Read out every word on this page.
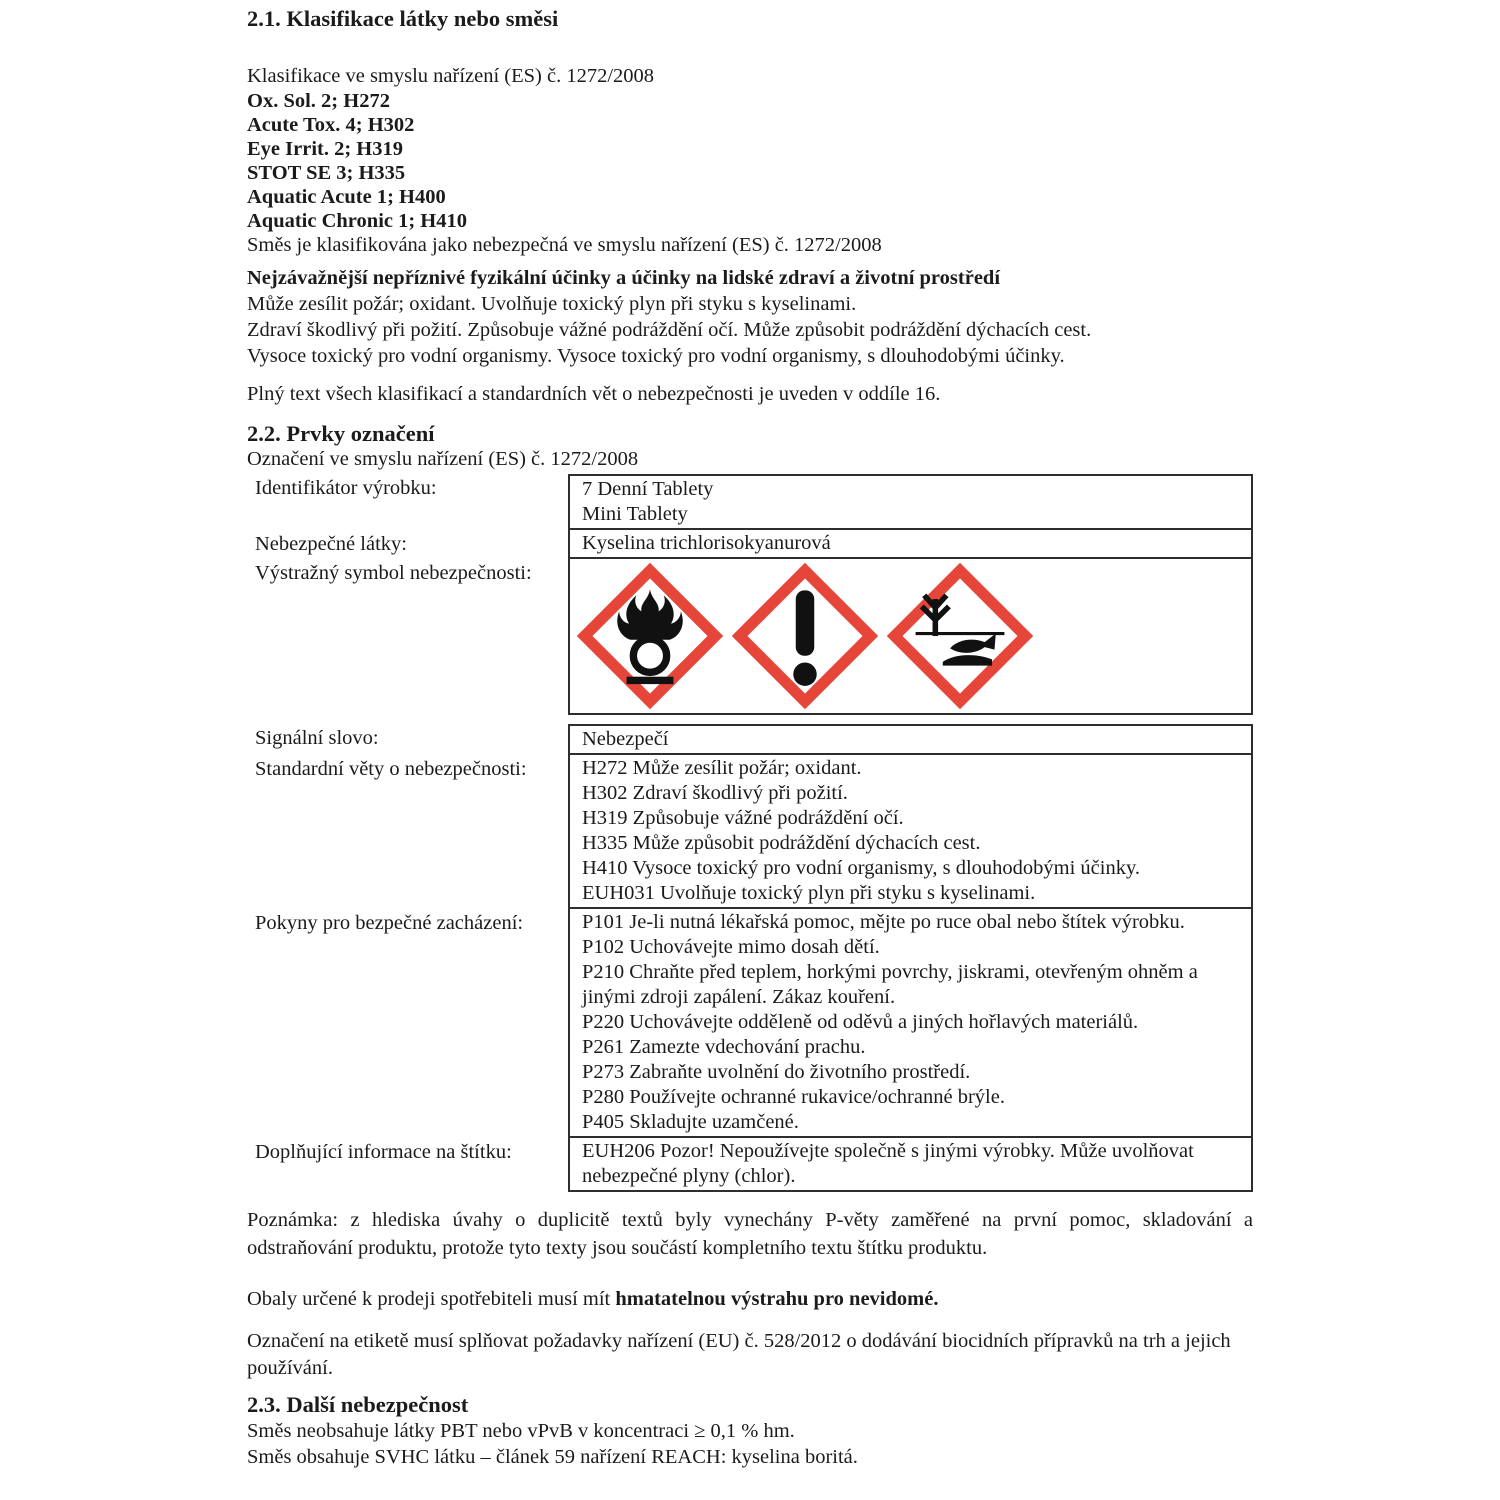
2.1. Klasifikace látky nebo směsi
Klasifikace ve smyslu nařízení (ES) č. 1272/2008
Ox. Sol. 2; H272
Acute Tox. 4; H302
Eye Irrit. 2; H319
STOT SE 3; H335
Aquatic Acute 1; H400
Aquatic Chronic 1; H410
Směs je klasifikována jako nebezpečná ve smyslu nařízení (ES) č. 1272/2008
Nejzávažnější nepříznivé fyzikální účinky a účinky na lidské zdraví a životní prostředí
Může zesílit požár; oxidant. Uvolňuje toxický plyn při styku s kyselinami.
Zdraví škodlivý při požití. Způsobuje vážné podráždění očí. Může způsobit podráždění dýchacích cest.
Vysoce toxický pro vodní organismy. Vysoce toxický pro vodní organismy, s dlouhodobými účinky.
Plný text všech klasifikací a standardních vět o nebezpečnosti je uveden v oddíle 16.
2.2. Prvky označení
Označení ve smyslu nařízení (ES) č. 1272/2008
Identifikátor výrobku:	7 Denní Tablety
Mini Tablety
Nebezpečné látky:	Kyselina trichlorisokyanurová
Výstražný symbol nebezpečnosti:
Signální slovo:	Nebezpečí
Standardní věty o nebezpečnosti:	H272 Může zesílit požár; oxidant.
H302 Zdraví škodlivý při požití.
H319 Způsobuje vážné podráždění očí.
H335 Může způsobit podráždění dýchacích cest.
H410 Vysoce toxický pro vodní organismy, s dlouhodobými účinky.
EUH031 Uvolňuje toxický plyn při styku s kyselinami.
Pokyny pro bezpečné zacházení:	P101 Je-li nutná lékařská pomoc, mějte po ruce obal nebo štítek výrobku.
P102 Uchovávejte mimo dosah dětí.
P210 Chraňte před teplem, horkými povrchy, jiskrami, otevřeným ohněm a jinými zdroji zapálení. Zákaz kouření.
P220 Uchovávejte odděleně od oděvů a jiných hořlavých materiálů.
P261 Zamezte vdechování prachu.
P273 Zabraňte uvolnění do životního prostředí.
P280 Používejte ochranné rukavice/ochranné brýle.
P405 Skladujte uzamčené.
Doplňující informace na štítku:	EUH206 Pozor! Nepoužívejte společně s jinými výrobky. Může uvolňovat nebezpečné plyny (chlor).
Poznámka: z hlediska úvahy o duplicitě textů byly vynechány P-věty zaměřené na první pomoc, skladování a odstraňování produktu, protože tyto texty jsou součástí kompletního textu štítku produktu.
Obaly určené k prodeji spotřebiteli musí mít hmatatelnou výstrahu pro nevidomé.
Označení na etiketě musí splňovat požadavky nařízení (EU) č. 528/2012 o dodávání biocidních přípravků na trh a jejich používání.
2.3. Další nebezpečnost
Směs neobsahuje látky PBT nebo vPvB v koncentraci ≥ 0,1 % hm.
Směs obsahuje SVHC látku – článek 59 nařízení REACH: kyselina boritá.
